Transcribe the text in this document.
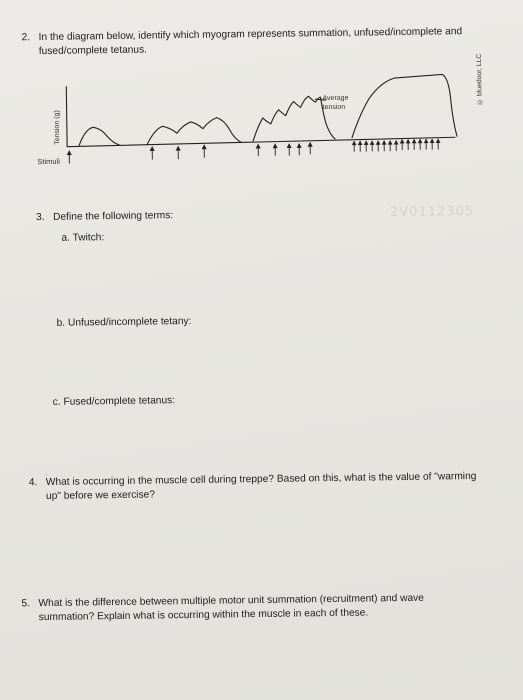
2. In the diagram below, identify which myogram represents summation, unfused/incomplete and
fused/complete tetanus.
© bluedoor, LLC
Tension (g)
Stimuli
Average
tension
2V0112305
3. Define the following terms:
a. Twitch:
b. Unfused/incomplete tetany:
c. Fused/complete tetanus:
4. What is occurring in the muscle cell during treppe? Based on this, what is the value of "warming
up" before we exercise?
5. What is the difference between multiple motor unit summation (recruitment) and wave
summation? Explain what is occurring within the muscle in each of these.
